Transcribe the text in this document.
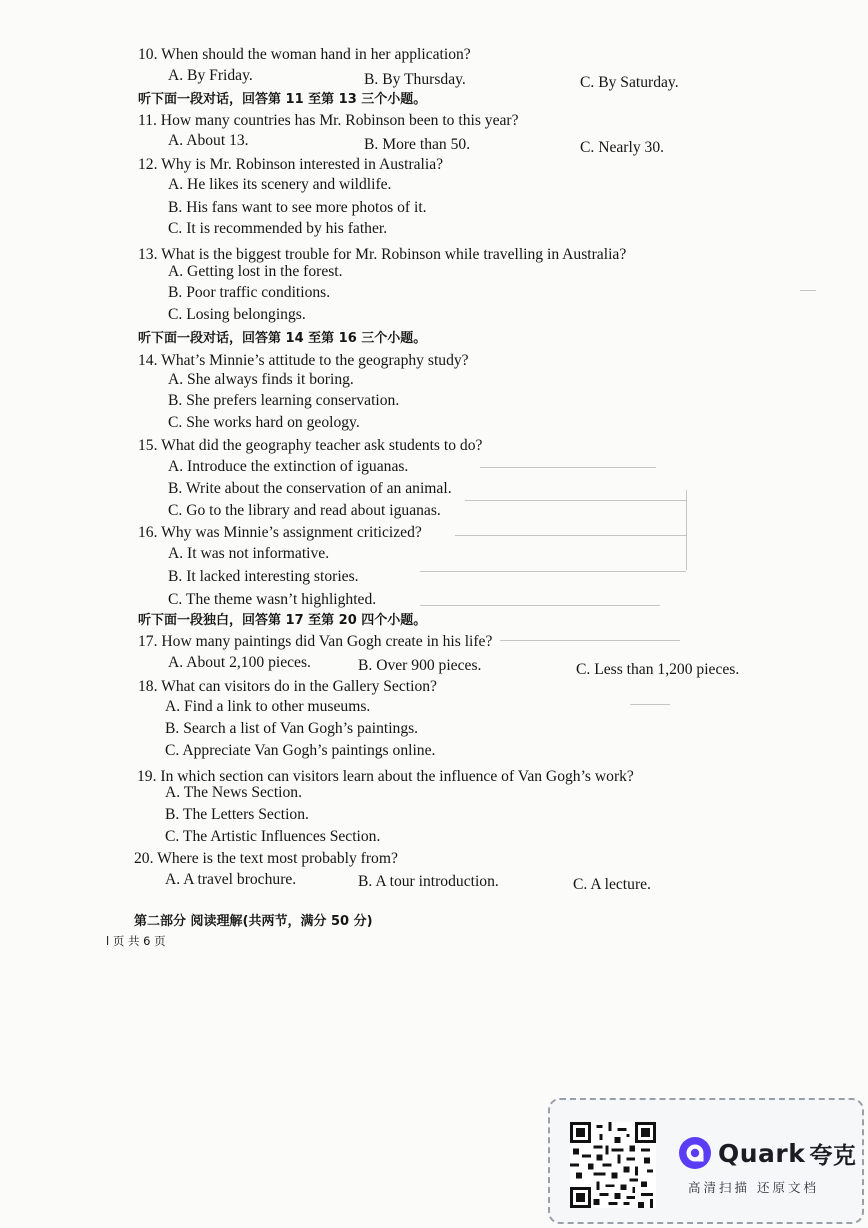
10. When should the woman hand in her application?
A. By Friday.	B. By Thursday.	C. By Saturday.
听下面一段对话，回答第 11 至第 13 三个小题。
11. How many countries has Mr. Robinson been to this year?
A. About 13.	B. More than 50.	C. Nearly 30.
12. Why is Mr. Robinson interested in Australia?
A. He likes its scenery and wildlife.
B. His fans want to see more photos of it.
C. It is recommended by his father.
13. What is the biggest trouble for Mr. Robinson while travelling in Australia?
A. Getting lost in the forest.
B. Poor traffic conditions.
C. Losing belongings.
听下面一段对话，回答第 14 至第 16 三个小题。
14. What’s Minnie’s attitude to the geography study?
A. She always finds it boring.
B. She prefers learning conservation.
C. She works hard on geology.
15. What did the geography teacher ask students to do?
A. Introduce the extinction of iguanas.
B. Write about the conservation of an animal.
C. Go to the library and read about iguanas.
16. Why was Minnie’s assignment criticized?
A. It was not informative.
B. It lacked interesting stories.
C. The theme wasn’t highlighted.
听下面一段独白，回答第 17 至第 20 四个小题。
17. How many paintings did Van Gogh create in his life?
A. About 2,100 pieces.	B. Over 900 pieces.	C. Less than 1,200 pieces.
18. What can visitors do in the Gallery Section?
A. Find a link to other museums.
B. Search a list of Van Gogh’s paintings.
C. Appreciate Van Gogh’s paintings online.
19. In which section can visitors learn about the influence of Van Gogh’s work?
A. The News Section.
B. The Letters Section.
C. The Artistic Influences Section.
20. Where is the text most probably from?
A. A travel brochure.	B. A tour introduction.	C. A lecture.
第二部分 阅读理解(共两节，满分 50 分)
l 页 共 6 页
Quark 夸克
高清扫描 还原文档
